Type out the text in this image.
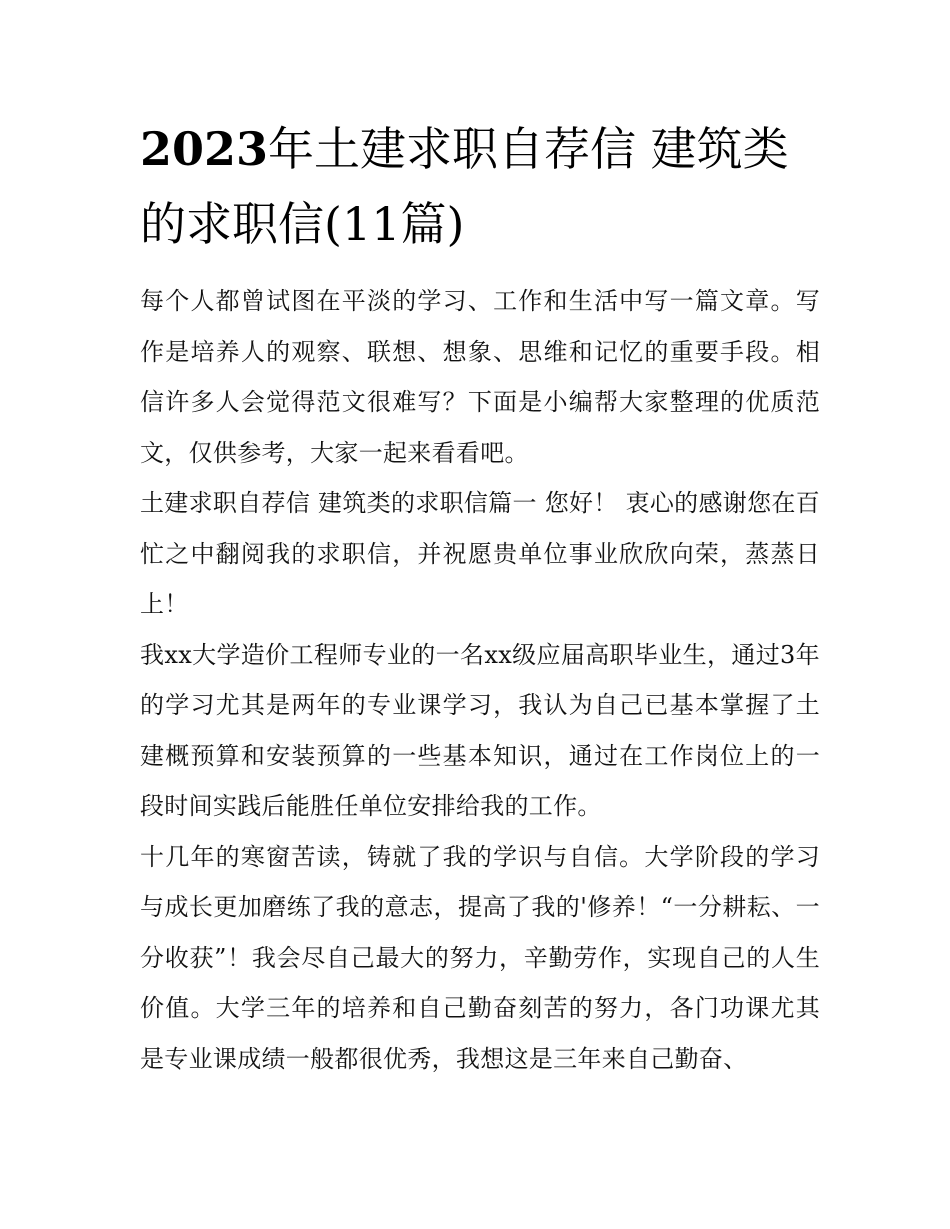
2023年土建求职自荐信 建筑类的求职信(11篇)

每个人都曾试图在平淡的学习、工作和生活中写一篇文章。写作是培养人的观察、联想、想象、思维和记忆的重要手段。相信许多人会觉得范文很难写？下面是小编帮大家整理的优质范文，仅供参考，大家一起来看看吧。

土建求职自荐信 建筑类的求职信篇一 您好！ 衷心的感谢您在百忙之中翻阅我的求职信，并祝愿贵单位事业欣欣向荣，蒸蒸日上！

我xx大学造价工程师专业的一名xx级应届高职毕业生，通过3年的学习尤其是两年的专业课学习，我认为自己已基本掌握了土建概预算和安装预算的一些基本知识，通过在工作岗位上的一段时间实践后能胜任单位安排给我的工作。

十几年的寒窗苦读，铸就了我的学识与自信。大学阶段的学习与成长更加磨练了我的意志，提高了我的'修养！“一分耕耘、一分收获”！我会尽自己最大的努力，辛勤劳作，实现自己的人生价值。大学三年的培养和自己勤奋刻苦的努力，各门功课尤其是专业课成绩一般都很优秀，我想这是三年来自己勤奋、
